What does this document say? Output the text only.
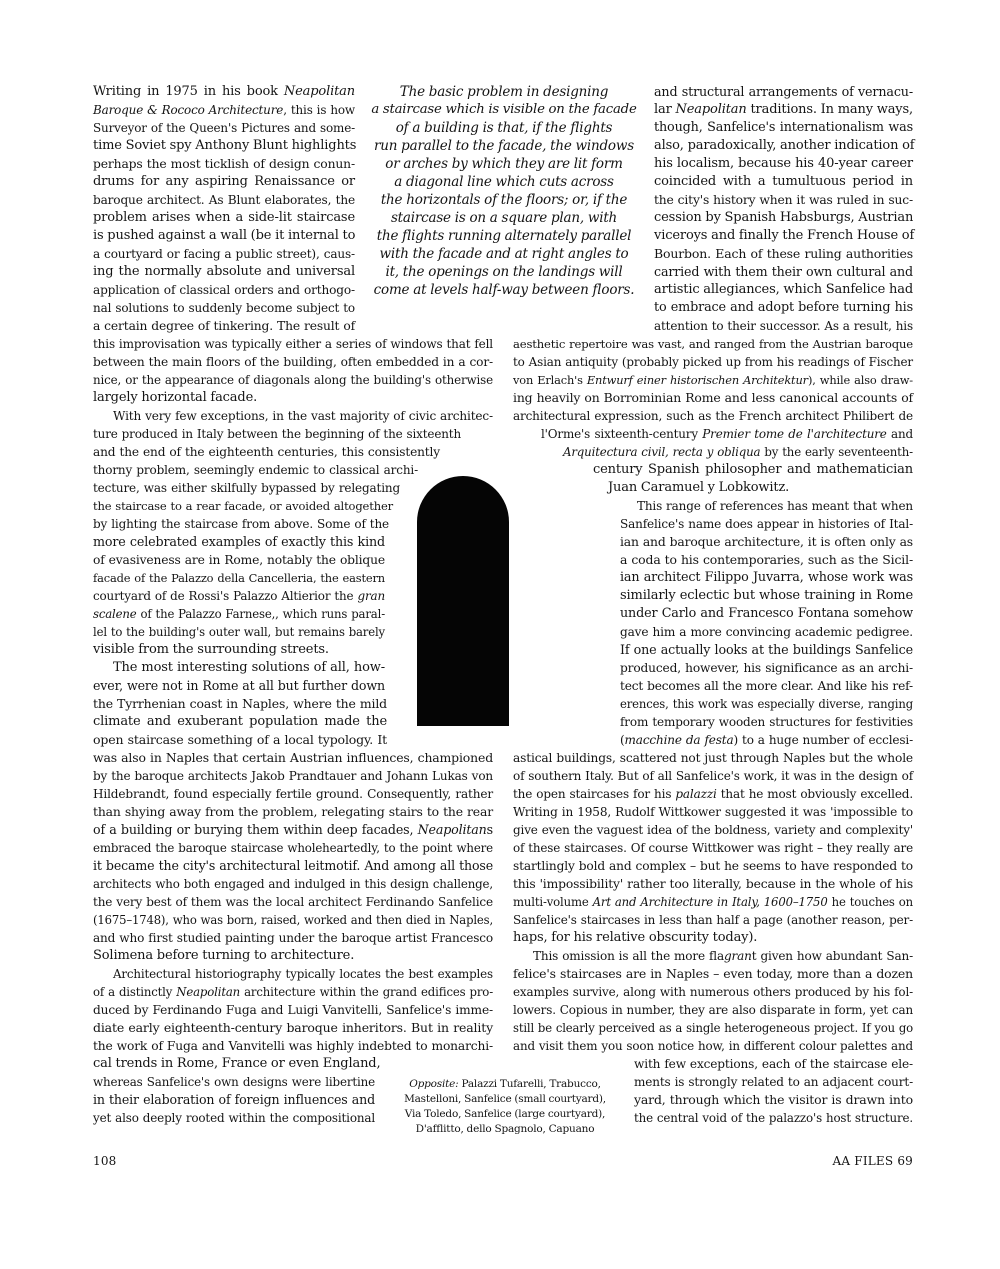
Writing in 1975 in his book Neapolitan
Baroque & Rococo Architecture, this is how
Surveyor of the Queen's Pictures and some-
time Soviet spy Anthony Blunt highlights
perhaps the most ticklish of design conun-
drums for any aspiring Renaissance or
baroque architect. As Blunt elaborates, the
problem arises when a side-lit staircase
is pushed against a wall (be it internal to
a courtyard or facing a public street), caus-
ing the normally absolute and universal
application of classical orders and orthogo-
nal solutions to suddenly become subject to
a certain degree of tinkering. The result of
this improvisation was typically either a series of windows that fell
between the main floors of the building, often embedded in a cor-
nice, or the appearance of diagonals along the building's otherwise
largely horizontal facade.
With very few exceptions, in the vast majority of civic architec-
ture produced in Italy between the beginning of the sixteenth
and the end of the eighteenth centuries, this consistently
thorny problem, seemingly endemic to classical archi-
tecture, was either skilfully bypassed by relegating
the staircase to a rear facade, or avoided altogether
by lighting the staircase from above. Some of the
more celebrated examples of exactly this kind
of evasiveness are in Rome, notably the oblique
facade of the Palazzo della Cancelleria, the eastern
courtyard of de Rossi's Palazzo Altierior the gran
scalene of the Palazzo Farnese,, which runs paral-
lel to the building's outer wall, but remains barely
visible from the surrounding streets.
The most interesting solutions of all, how-
ever, were not in Rome at all but further down
the Tyrrhenian coast in Naples, where the mild
climate and exuberant population made the
open staircase something of a local typology. It
was also in Naples that certain Austrian influences, championed
by the baroque architects Jakob Prandtauer and Johann Lukas von
Hildebrandt, found especially fertile ground. Consequently, rather
than shying away from the problem, relegating stairs to the rear
of a building or burying them within deep facades, Neapolitans
embraced the baroque staircase wholeheartedly, to the point where
it became the city's architectural leitmotif. And among all those
architects who both engaged and indulged in this design challenge,
the very best of them was the local architect Ferdinando Sanfelice
(1675–1748), who was born, raised, worked and then died in Naples,
and who first studied painting under the baroque artist Francesco
Solimena before turning to architecture.
Architectural historiography typically locates the best examples
of a distinctly Neapolitan architecture within the grand edifices pro-
duced by Ferdinando Fuga and Luigi Vanvitelli, Sanfelice's imme-
diate early eighteenth-century baroque inheritors. But in reality
the work of Fuga and Vanvitelli was highly indebted to monarchi-
cal trends in Rome, France or even England,
whereas Sanfelice's own designs were libertine
in their elaboration of foreign influences and
yet also deeply rooted within the compositional
The basic problem in designing
a staircase which is visible on the facade
of a building is that, if the flights
run parallel to the facade, the windows
or arches by which they are lit form
a diagonal line which cuts across
the horizontals of the floors; or, if the
staircase is on a square plan, with
the flights running alternately parallel
with the facade and at right angles to
it, the openings on the landings will
come at levels half-way between floors.
and structural arrangements of vernacu-
lar Neapolitan traditions. In many ways,
though, Sanfelice's internationalism was
also, paradoxically, another indication of
his localism, because his 40-year career
coincided with a tumultuous period in
the city's history when it was ruled in suc-
cession by Spanish Habsburgs, Austrian
viceroys and finally the French House of
Bourbon. Each of these ruling authorities
carried with them their own cultural and
artistic allegiances, which Sanfelice had
to embrace and adopt before turning his
attention to their successor. As a result, his
aesthetic repertoire was vast, and ranged from the Austrian baroque
to Asian antiquity (probably picked up from his readings of Fischer
von Erlach's Entwurf einer historischen Architektur), while also draw-
ing heavily on Borrominian Rome and less canonical accounts of
architectural expression, such as the French architect Philibert de
l'Orme's sixteenth-century Premier tome de l'architecture and
Arquitectura civil, recta y obliqua by the early seventeenth-
century Spanish philosopher and mathematician
Juan Caramuel y Lobkowitz.
This range of references has meant that when
Sanfelice's name does appear in histories of Ital-
ian and baroque architecture, it is often only as
a coda to his contemporaries, such as the Sicil-
ian architect Filippo Juvarra, whose work was
similarly eclectic but whose training in Rome
under Carlo and Francesco Fontana somehow
gave him a more convincing academic pedigree.
If one actually looks at the buildings Sanfelice
produced, however, his significance as an archi-
tect becomes all the more clear. And like his ref-
erences, this work was especially diverse, ranging
from temporary wooden structures for festivities
(macchine da festa) to a huge number of ecclesi-
astical buildings, scattered not just through Naples but the whole
of southern Italy. But of all Sanfelice's work, it was in the design of
the open staircases for his palazzi that he most obviously excelled.
Writing in 1958, Rudolf Wittkower suggested it was 'impossible to
give even the vaguest idea of the boldness, variety and complexity'
of these staircases. Of course Wittkower was right – they really are
startlingly bold and complex – but he seems to have responded to
this 'impossibility' rather too literally, because in the whole of his
multi-volume Art and Architecture in Italy, 1600–1750 he touches on
Sanfelice's staircases in less than half a page (another reason, per-
haps, for his relative obscurity today).
This omission is all the more flagrant given how abundant San-
felice's staircases are in Naples – even today, more than a dozen
examples survive, along with numerous others produced by his fol-
lowers. Copious in number, they are also disparate in form, yet can
still be clearly perceived as a single heterogeneous project. If you go
and visit them you soon notice how, in different colour palettes and
with few exceptions, each of the staircase ele-
ments is strongly related to an adjacent court-
yard, through which the visitor is drawn into
the central void of the palazzo's host structure.
Opposite: Palazzi Tufarelli, Trabucco,
Mastelloni, Sanfelice (small courtyard),
Via Toledo, Sanfelice (large courtyard),
D'afflitto, dello Spagnolo, Capuano
108	AA FILES 69
